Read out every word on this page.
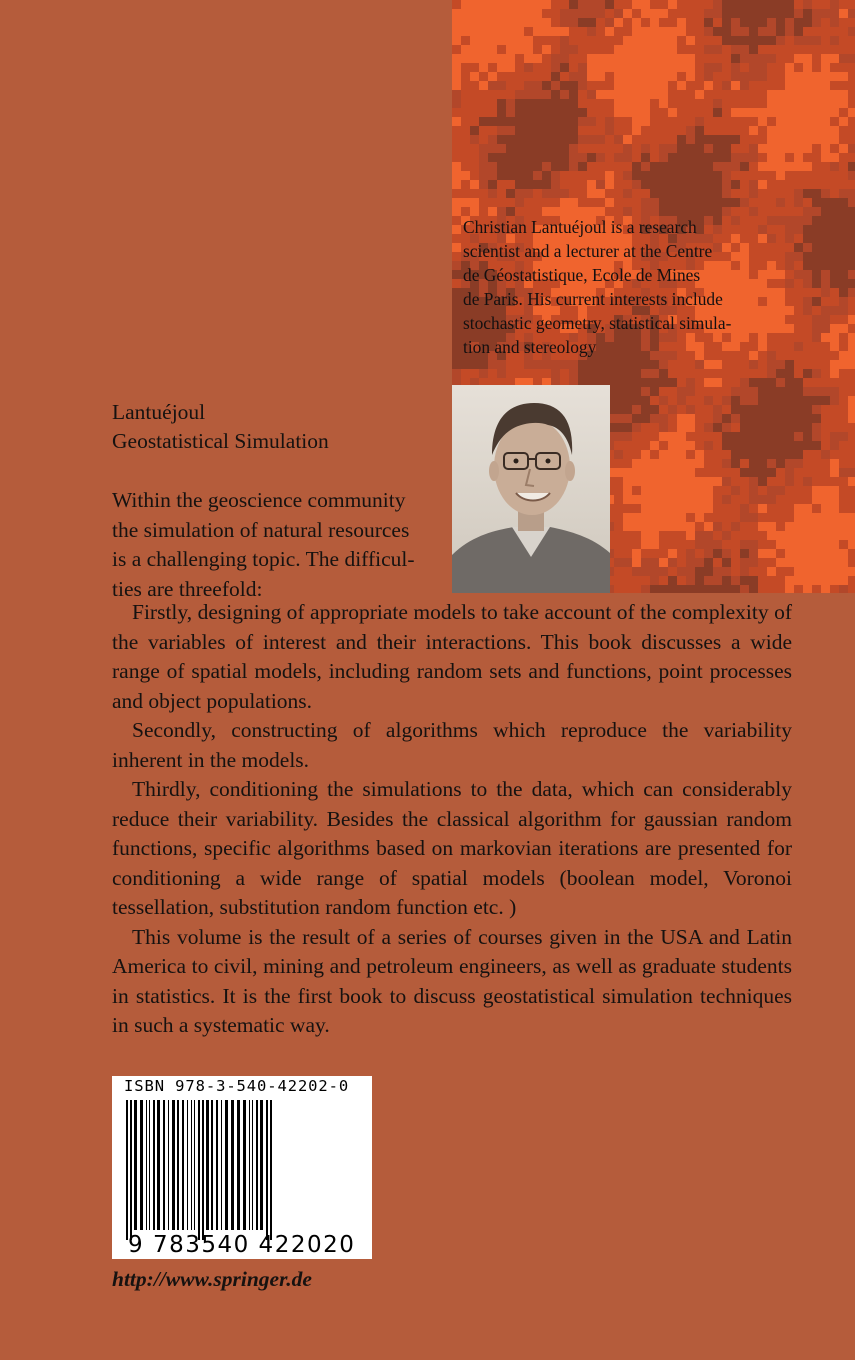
Christian Lantuéjoul is a research
scientist and a lecturer at the Centre
de Géostatistique, Ecole de Mines
de Paris. His current interests include
stochastic geometry, statistical simula-
tion and stereology

Lantuéjoul

Geostatistical Simulation

Within the geoscience community
the simulation of natural resources
is a challenging topic. The difficul-
ties are threefold:

Firstly, designing of appropriate models to take account of the complexity of the variables of interest and their interactions. This book discusses a wide range of spatial models, including random sets and functions, point processes and object populations.

Secondly, constructing of algorithms which reproduce the variability inherent in the models.

Thirdly, conditioning the simulations to the data, which can considerably reduce their variability. Besides the classical algorithm for gaussian random functions, specific algorithms based on markovian iterations are presented for conditioning a wide range of spatial models (boolean model, Voronoi tessellation, substitution random function etc. )

This volume is the result of a series of courses given in the USA and Latin America to civil, mining and petroleum engineers, as well as graduate students in statistics. It is the first book to discuss geostatistical simulation techniques in such a systematic way.

ISBN 978-3-540-42202-0
9 783540 422020

http://www.springer.de
